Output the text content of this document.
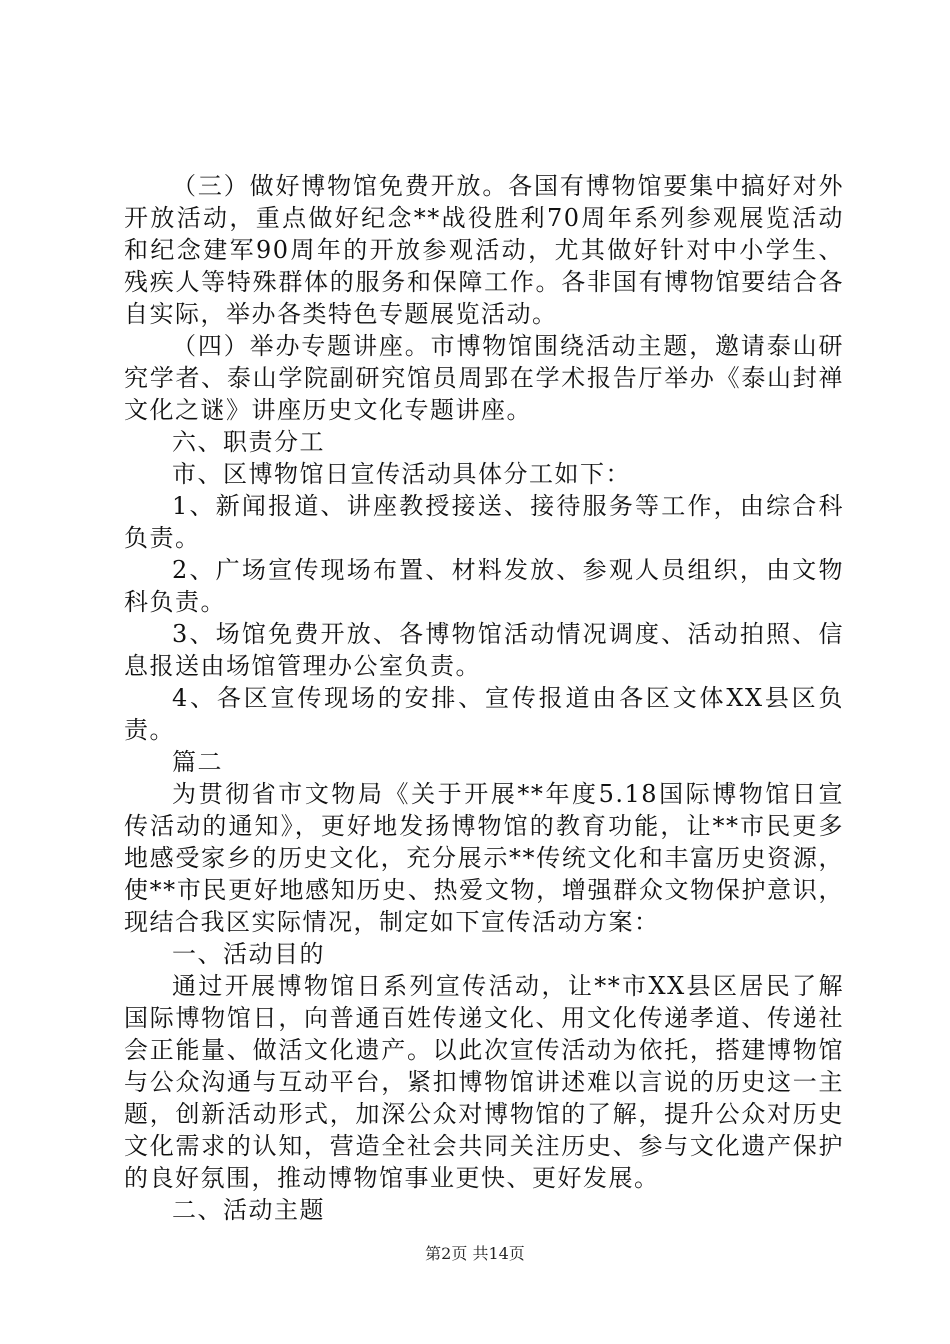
（三）做好博物馆免费开放。各国有博物馆要集中搞好对外开放活动，重点做好纪念**战役胜利70周年系列参观展览活动和纪念建军90周年的开放参观活动，尤其做好针对中小学生、残疾人等特殊群体的服务和保障工作。各非国有博物馆要结合各自实际，举办各类特色专题展览活动。

（四）举办专题讲座。市博物馆围绕活动主题，邀请泰山研究学者、泰山学院副研究馆员周郢在学术报告厅举办《泰山封禅文化之谜》讲座历史文化专题讲座。

六、职责分工

市、区博物馆日宣传活动具体分工如下：

1、新闻报道、讲座教授接送、接待服务等工作，由综合科负责。

2、广场宣传现场布置、材料发放、参观人员组织，由文物科负责。

3、场馆免费开放、各博物馆活动情况调度、活动拍照、信息报送由场馆管理办公室负责。

4、各区宣传现场的安排、宣传报道由各区文体XX县区负责。

篇二

为贯彻省市文物局《关于开展**年度5.18国际博物馆日宣传活动的通知》，更好地发扬博物馆的教育功能，让**市民更多地感受家乡的历史文化，充分展示**传统文化和丰富历史资源，使**市民更好地感知历史、热爱文物，增强群众文物保护意识，现结合我区实际情况，制定如下宣传活动方案：

一、活动目的

通过开展博物馆日系列宣传活动，让**市XX县区居民了解国际博物馆日，向普通百姓传递文化、用文化传递孝道、传递社会正能量、做活文化遗产。以此次宣传活动为依托，搭建博物馆与公众沟通与互动平台，紧扣博物馆讲述难以言说的历史这一主题，创新活动形式，加深公众对博物馆的了解，提升公众对历史文化需求的认知，营造全社会共同关注历史、参与文化遗产保护的良好氛围，推动博物馆事业更快、更好发展。

二、活动主题

第2页 共14页
